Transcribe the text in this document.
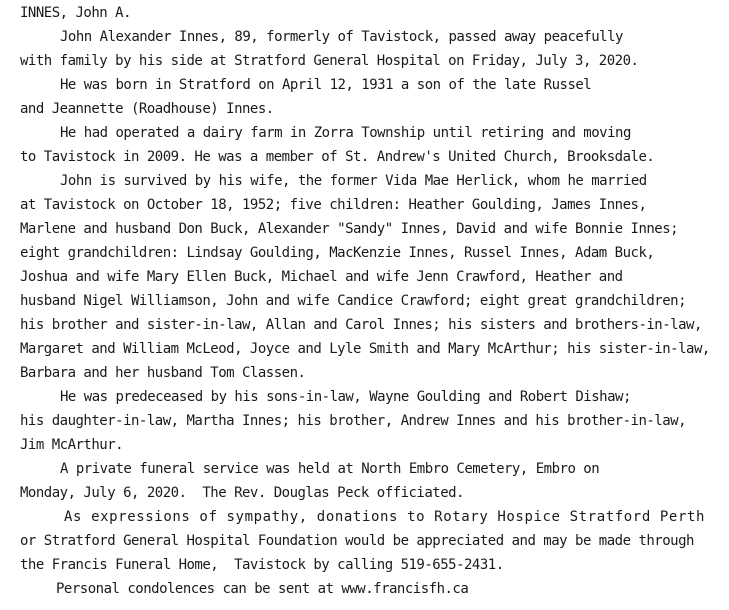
INNES, John A.
John Alexander Innes, 89, formerly of Tavistock, passed away peacefully
with family by his side at Stratford General Hospital on Friday, July 3, 2020.
He was born in Stratford on April 12, 1931 a son of the late Russel
and Jeannette (Roadhouse) Innes.
He had operated a dairy farm in Zorra Township until retiring and moving
to Tavistock in 2009. He was a member of St. Andrew's United Church, Brooksdale.
John is survived by his wife, the former Vida Mae Herlick, whom he married
at Tavistock on October 18, 1952; five children: Heather Goulding, James Innes,
Marlene and husband Don Buck, Alexander "Sandy" Innes, David and wife Bonnie Innes;
eight grandchildren: Lindsay Goulding, MacKenzie Innes, Russel Innes, Adam Buck,
Joshua and wife Mary Ellen Buck, Michael and wife Jenn Crawford, Heather and
husband Nigel Williamson, John and wife Candice Crawford; eight great grandchildren;
his brother and sister-in-law, Allan and Carol Innes; his sisters and brothers-in-law,
Margaret and William McLeod, Joyce and Lyle Smith and Mary McArthur; his sister-in-law,
Barbara and her husband Tom Classen.
He was predeceased by his sons-in-law, Wayne Goulding and Robert Dishaw;
his daughter-in-law, Martha Innes; his brother, Andrew Innes and his brother-in-law,
Jim McArthur.
A private funeral service was held at North Embro Cemetery, Embro on
Monday, July 6, 2020.  The Rev. Douglas Peck officiated.
As expressions of sympathy, donations to Rotary Hospice Stratford Perth
or Stratford General Hospital Foundation would be appreciated and may be made through
the Francis Funeral Home,  Tavistock by calling 519-655-2431.
Personal condolences can be sent at www.francisfh.ca
